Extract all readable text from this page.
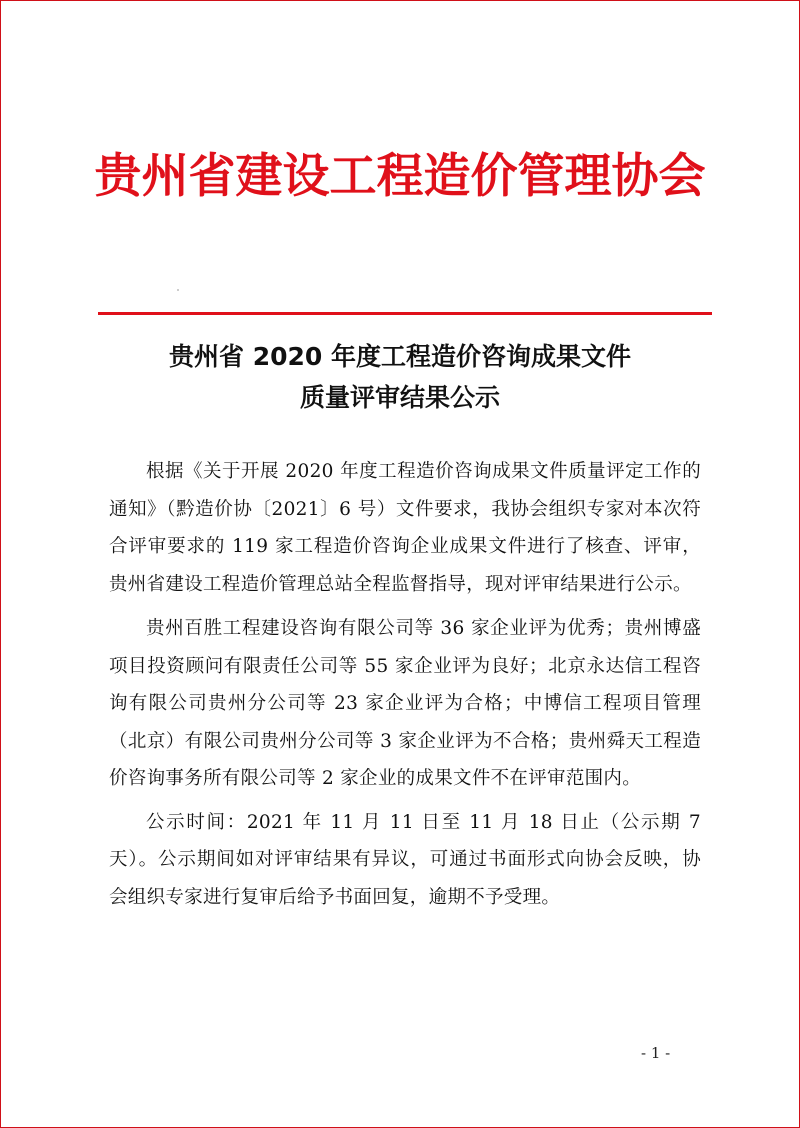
贵州省建设工程造价管理协会
贵州省 2020 年度工程造价咨询成果文件
质量评审结果公示

根据《关于开展 2020 年度工程造价咨询成果文件质量评定工作的通知》（黔造价协〔2021〕6 号）文件要求，我协会组织专家对本次符合评审要求的 119 家工程造价咨询企业成果文件进行了核查、评审，贵州省建设工程造价管理总站全程监督指导，现对评审结果进行公示。

贵州百胜工程建设咨询有限公司等 36 家企业评为优秀；贵州博盛项目投资顾问有限责任公司等 55 家企业评为良好；北京永达信工程咨询有限公司贵州分公司等 23 家企业评为合格；中博信工程项目管理（北京）有限公司贵州分公司等 3 家企业评为不合格；贵州舜天工程造价咨询事务所有限公司等 2 家企业的成果文件不在评审范围内。

公示时间：2021 年 11 月 11 日至 11 月 18 日止（公示期 7 天）。公示期间如对评审结果有异议，可通过书面形式向协会反映，协会组织专家进行复审后给予书面回复，逾期不予受理。

- 1 -
